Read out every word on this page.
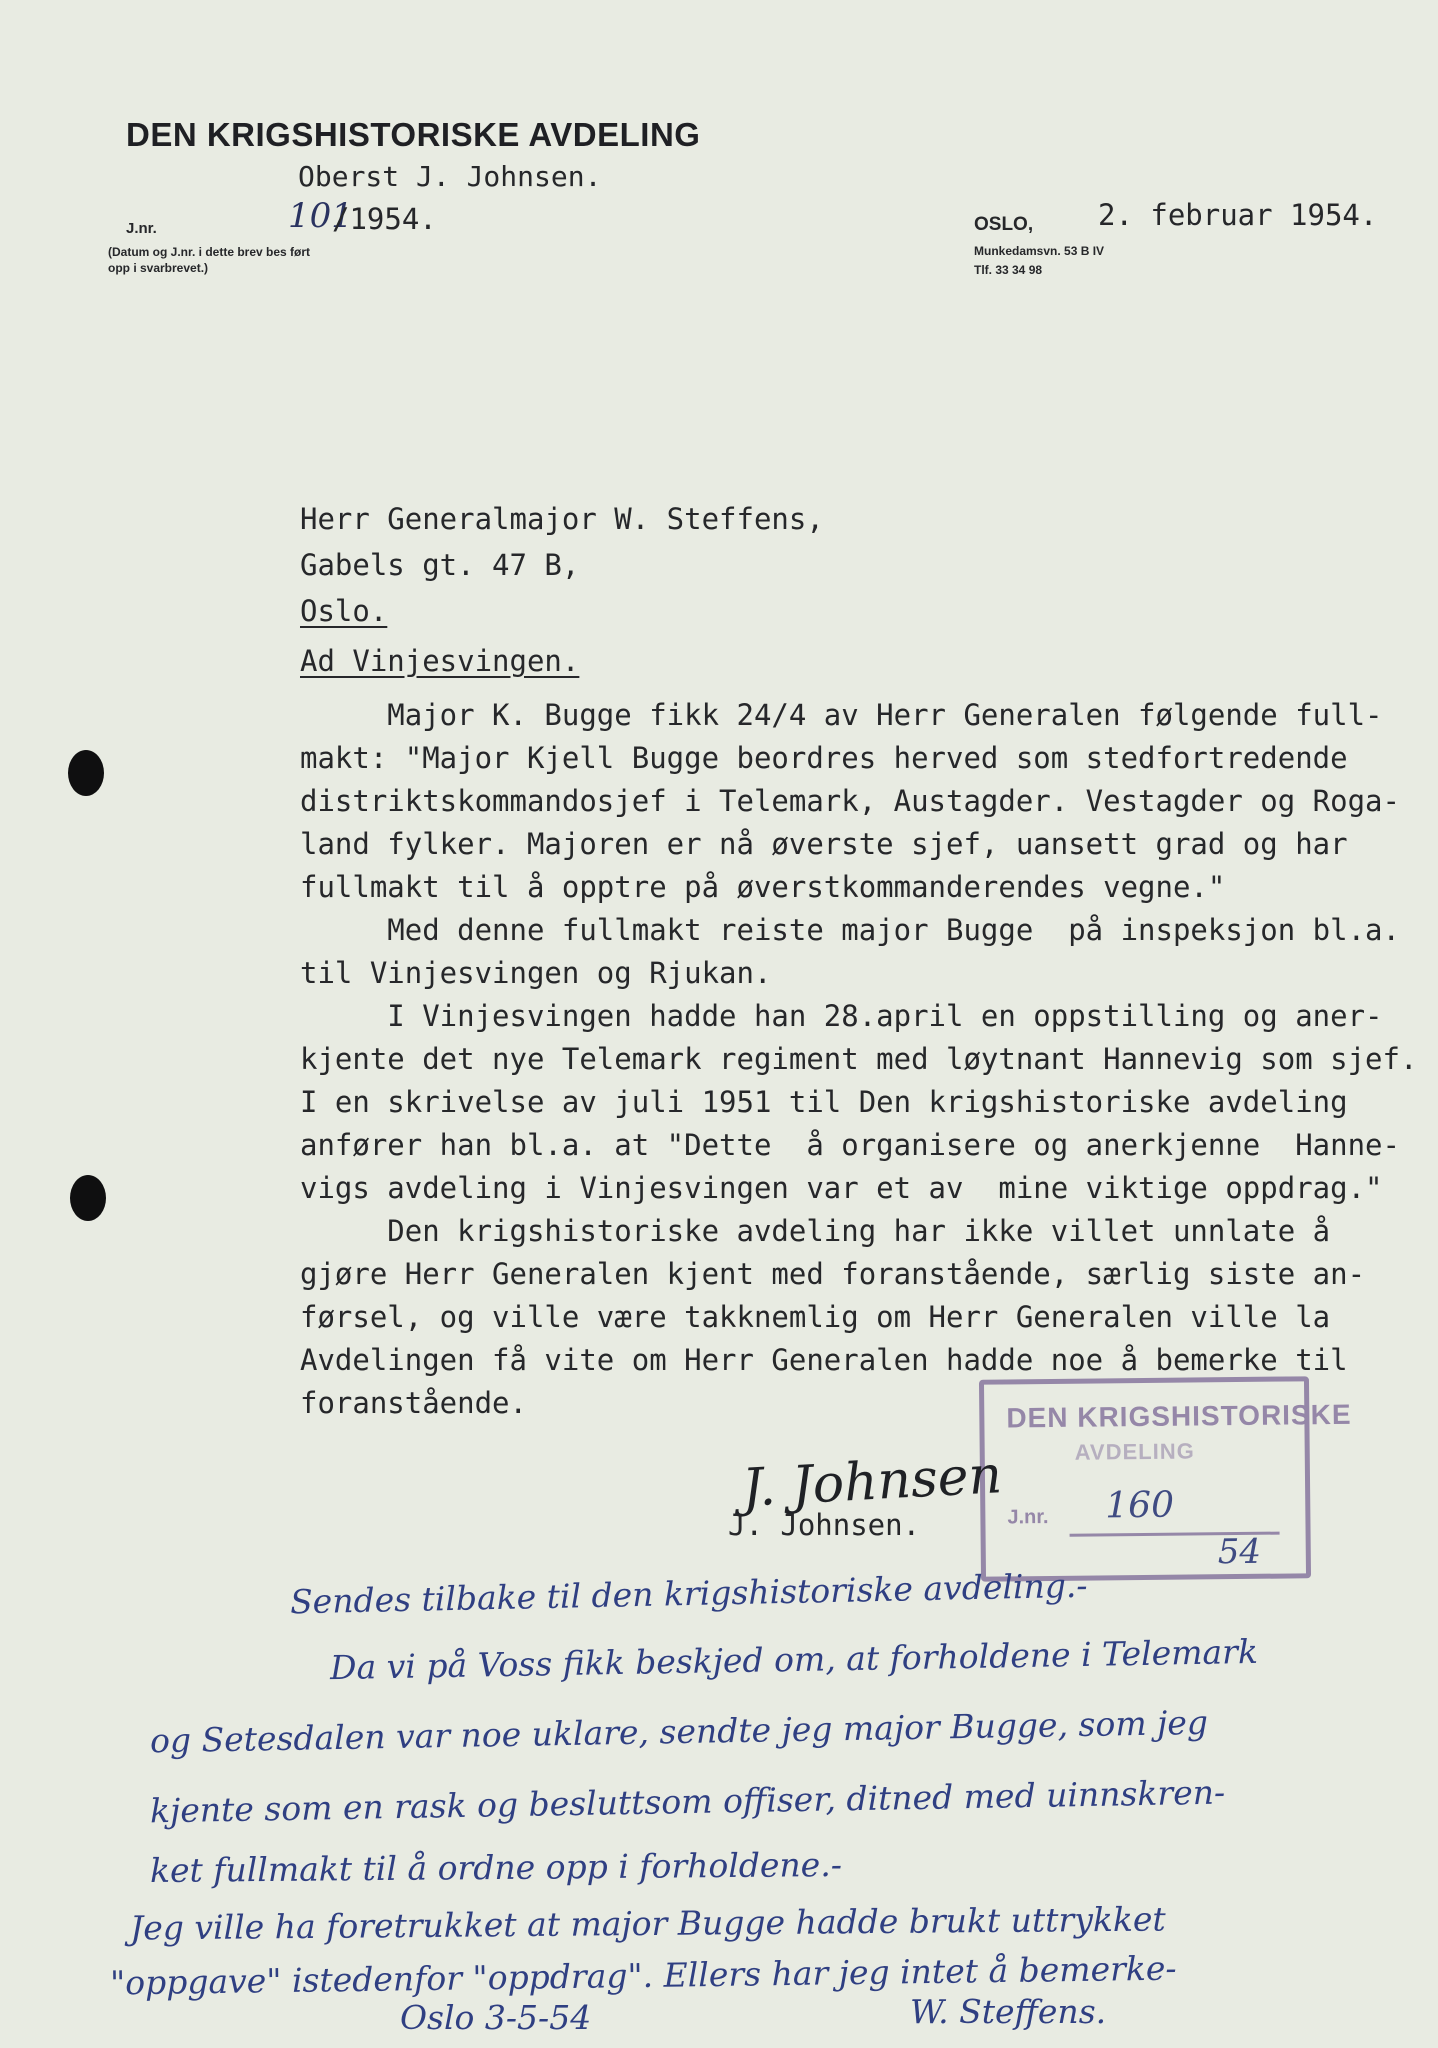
DEN KRIGSHISTORISKE AVDELING
Oberst J. Johnsen.
J.nr.	101
/1954.
(Datum og J.nr. i dette brev bes ført
opp i svarbrevet.)
OSLO, 2. februar 1954.
Munkedamsvn. 53 B IV
Tlf. 33 34 98
Herr Generalmajor W. Steffens,
Gabels gt. 47 B,
Oslo.
Ad Vinjesvingen.
Major K. Bugge fikk 24/4 av Herr Generalen følgende full-
makt: "Major Kjell Bugge beordres herved som stedfortredende
distriktskommandosjef i Telemark, Austagder. Vestagder og Roga-
land fylker. Majoren er nå øverste sjef, uansett grad og har
fullmakt til å opptre på øverstkommanderendes vegne."
Med denne fullmakt reiste major Bugge  på inspeksjon bl.a.
til Vinjesvingen og Rjukan.
I Vinjesvingen hadde han 28.april en oppstilling og aner-
kjente det nye Telemark regiment med løytnant Hannevig som sjef.
I en skrivelse av juli 1951 til Den krigshistoriske avdeling
anfører han bl.a. at "Dette  å organisere og anerkjenne  Hanne-
vigs avdeling i Vinjesvingen var et av  mine viktige oppdrag."
Den krigshistoriske avdeling har ikke villet unnlate å
gjøre Herr Generalen kjent med foranstående, særlig siste an-
førsel, og ville være takknemlig om Herr Generalen ville la
Avdelingen få vite om Herr Generalen hadde noe å bemerke til
foranstående.	DEN KRIGSHISTORISKE
AVDELING
J.nr. 160
54
J. Johnsen
J. Johnsen.
Sendes tilbake til den krigshistoriske avdeling.-
Da vi på Voss fikk beskjed om, at forholdene i Telemark
og Setesdalen var noe uklare, sendte jeg major Bugge, som jeg
kjente som en rask og besluttsom offiser, ditned med uinnskren-
ket fullmakt til å ordne opp i forholdene.-
Jeg ville ha foretrukket at major Bugge hadde brukt uttrykket
"oppgave" istedenfor "oppdrag". Ellers har jeg intet å bemerke-
Oslo 3-5-54	W. Steffens.
